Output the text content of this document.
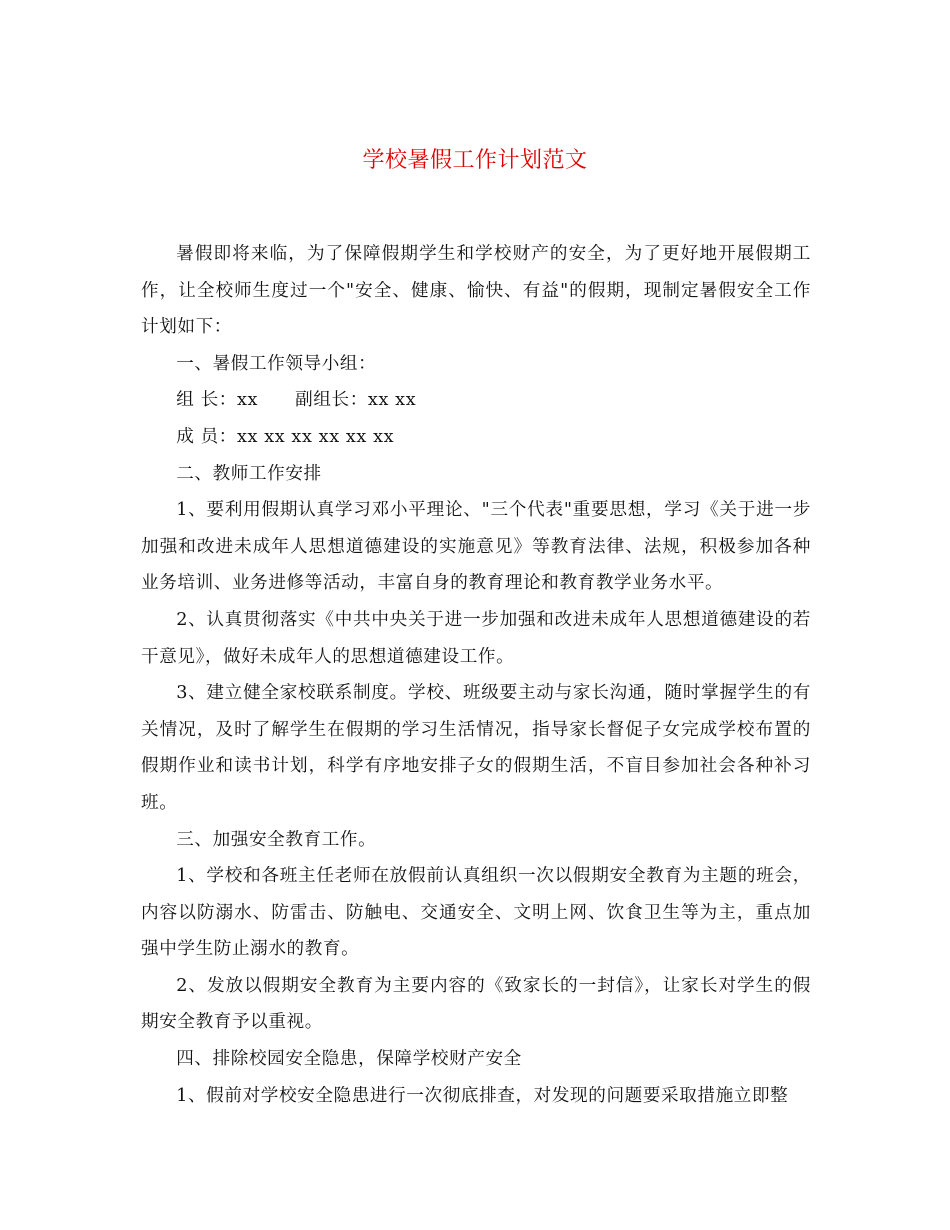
学校暑假工作计划范文

暑假即将来临，为了保障假期学生和学校财产的安全，为了更好地开展假期工作，让全校师生度过一个"安全、健康、愉快、有益"的假期，现制定暑假安全工作计划如下：

一、暑假工作领导小组：

组 长：xx      副组长：xx xx

成 员：xx xx xx xx xx xx

二、教师工作安排

1、要利用假期认真学习邓小平理论、"三个代表"重要思想，学习《关于进一步加强和改进未成年人思想道德建设的实施意见》等教育法律、法规，积极参加各种业务培训、业务进修等活动，丰富自身的教育理论和教育教学业务水平。

2、认真贯彻落实《中共中央关于进一步加强和改进未成年人思想道德建设的若干意见》，做好未成年人的思想道德建设工作。

3、建立健全家校联系制度。学校、班级要主动与家长沟通，随时掌握学生的有关情况，及时了解学生在假期的学习生活情况，指导家长督促子女完成学校布置的假期作业和读书计划，科学有序地安排子女的假期生活，不盲目参加社会各种补习班。

三、加强安全教育工作。

1、学校和各班主任老师在放假前认真组织一次以假期安全教育为主题的班会，内容以防溺水、防雷击、防触电、交通安全、文明上网、饮食卫生等为主，重点加强中学生防止溺水的教育。

2、发放以假期安全教育为主要内容的《致家长的一封信》，让家长对学生的假期安全教育予以重视。

四、排除校园安全隐患，保障学校财产安全

1、假前对学校安全隐患进行一次彻底排查，对发现的问题要采取措施立即整
